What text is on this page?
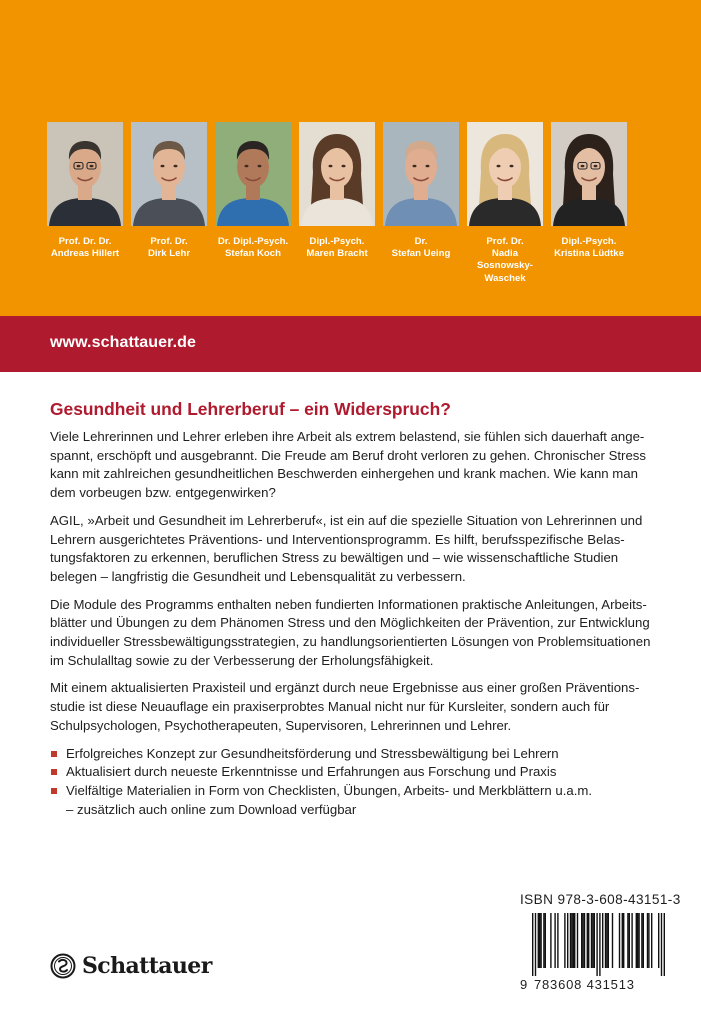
Prof. Dr. Dr.
Andreas Hillert
Prof. Dr.
Dirk Lehr
Dr. Dipl.-Psych.
Stefan Koch
Dipl.-Psych.
Maren Bracht
Dr.
Stefan Ueing
Prof. Dr.
Nadia
Sosnowsky-
Waschek
Dipl.-Psych.
Kristina Lüdtke
www.schattauer.de
Gesundheit und Lehrerberuf – ein Widerspruch?

Viele Lehrerinnen und Lehrer erleben ihre Arbeit als extrem belastend, sie fühlen sich dauerhaft ange-
spannt, erschöpft und ausgebrannt. Die Freude am Beruf droht verloren zu gehen. Chronischer Stress
kann mit zahlreichen gesundheitlichen Beschwerden einhergehen und krank machen. Wie kann man
dem vorbeugen bzw. entgegenwirken?

AGIL, »Arbeit und Gesundheit im Lehrerberuf«, ist ein auf die spezielle Situation von Lehrerinnen und
Lehrern ausgerichtetes Präventions- und Interventionsprogramm. Es hilft, berufsspezifische Belas-
tungsfaktoren zu erkennen, beruflichen Stress zu bewältigen und – wie wissenschaftliche Studien
belegen – langfristig die Gesundheit und Lebensqualität zu verbessern.

Die Module des Programms enthalten neben fundierten Informationen praktische Anleitungen, Arbeits-
blätter und Übungen zu dem Phänomen Stress und den Möglichkeiten der Prävention, zur Entwicklung
individueller Stressbewältigungsstrategien, zu handlungsorientierten Lösungen von Problemsituationen
im Schulalltag sowie zu der Verbesserung der Erholungsfähigkeit.

Mit einem aktualisierten Praxisteil und ergänzt durch neue Ergebnisse aus einer großen Präventions-
studie ist diese Neuauflage ein praxiserprobtes Manual nicht nur für Kursleiter, sondern auch für
Schulpsychologen, Psychotherapeuten, Supervisoren, Lehrerinnen und Lehrer.

Erfolgreiches Konzept zur Gesundheitsförderung und Stressbewältigung bei Lehrern
Aktualisiert durch neueste Erkenntnisse und Erfahrungen aus Forschung und Praxis
Vielfältige Materialien in Form von Checklisten, Übungen, Arbeits- und Merkblättern u.a.m.
– zusätzlich auch online zum Download verfügbar
Schattauer
ISBN 978-3-608-43151-3
9 783608 431513
